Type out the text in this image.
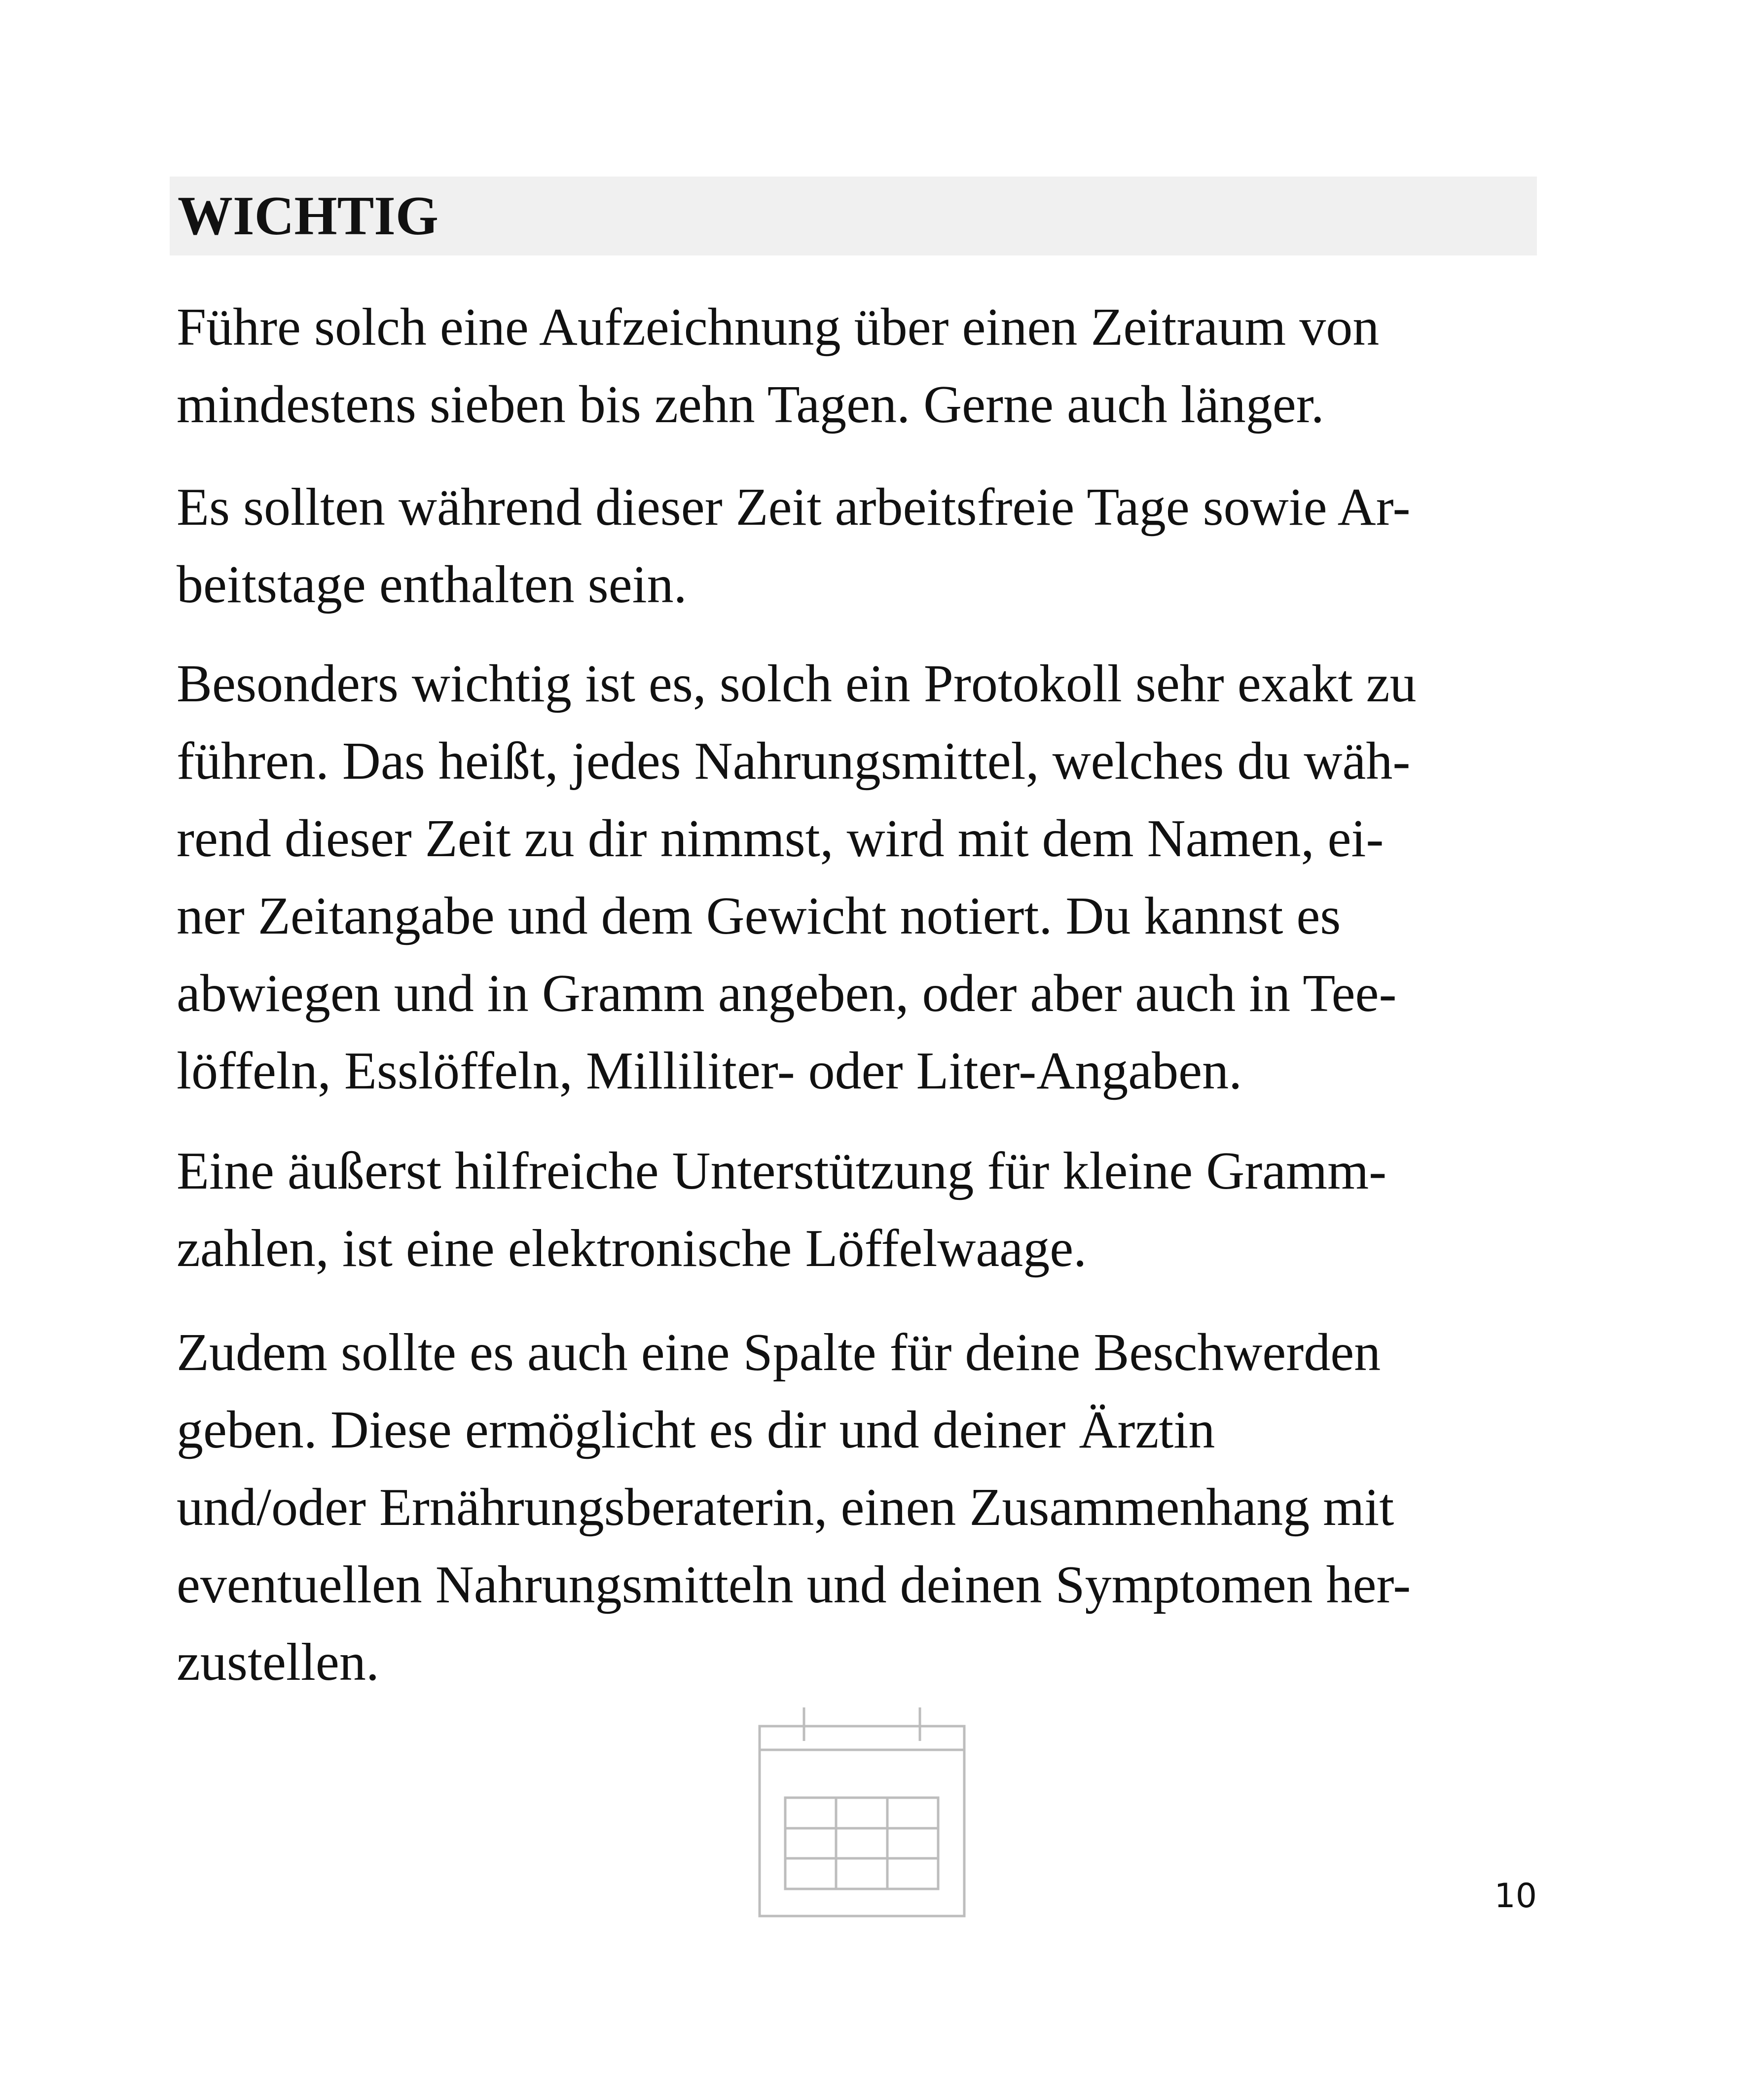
WICHTIG

Führe solch eine Aufzeichnung über einen Zeitraum von
mindestens sieben bis zehn Tagen. Gerne auch länger.

Es sollten während dieser Zeit arbeitsfreie Tage sowie Ar-
beitstage enthalten sein.

Besonders wichtig ist es, solch ein Protokoll sehr exakt zu
führen. Das heißt, jedes Nahrungsmittel, welches du wäh-
rend dieser Zeit zu dir nimmst, wird mit dem Namen, ei-
ner Zeitangabe und dem Gewicht notiert. Du kannst es
abwiegen und in Gramm angeben, oder aber auch in Tee-
löffeln, Esslöffeln, Milliliter- oder Liter-Angaben.

Eine äußerst hilfreiche Unterstützung für kleine Gramm-
zahlen, ist eine elektronische Löffelwaage.

Zudem sollte es auch eine Spalte für deine Beschwerden
geben. Diese ermöglicht es dir und deiner Ärztin
und/oder Ernährungsberaterin, einen Zusammenhang mit
eventuellen Nahrungsmitteln und deinen Symptomen her-
zustellen.

10
